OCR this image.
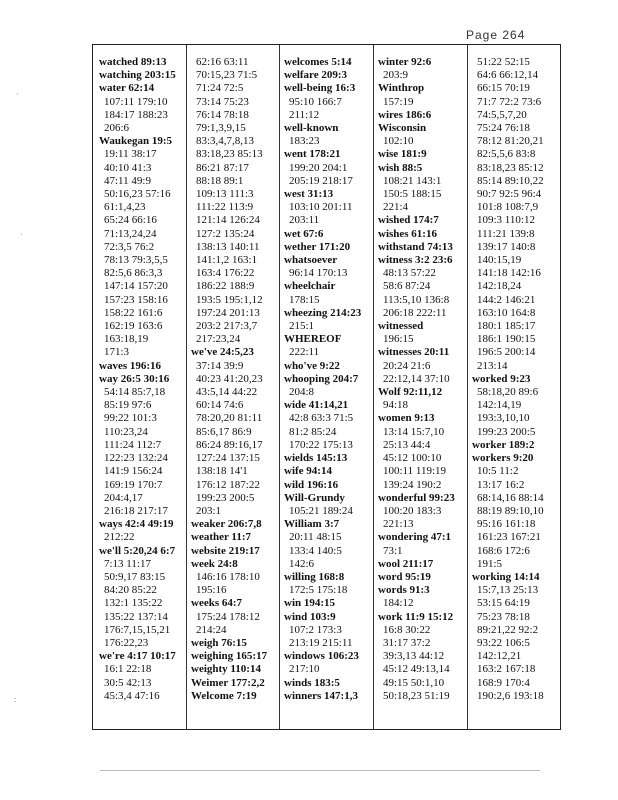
Page 264
watched 89:13
watching 203:15
water 62:14
107:11 179:10
184:17 188:23
206:6
Waukegan 19:5
19:11 38:17
40:10 41:3
47:11 49:9
50:16,23 57:16
61:1,4,23
65:24 66:16
71:13,24,24
72:3,5 76:2
78:13 79:3,5,5
82:5,6 86:3,3
147:14 157:20
157:23 158:16
158:22 161:6
162:19 163:6
163:18,19
171:3
waves 196:16
way 26:5 30:16
54:14 85:7,18
85:19 97:6
99:22 101:3
110:23,24
111:24 112:7
122:23 132:24
141:9 156:24
169:19 170:7
204:4,17
216:18 217:17
ways 42:4 49:19
212:22
we'll 5:20,24 6:7
7:13 11:17
50:9,17 83:15
84:20 85:22
132:1 135:22
135:22 137:14
176:7,15,15,21
176:22,23
we're 4:17 10:17
16:1 22:18
30:5 42:13
45:3,4 47:16
62:16 63:11
70:15,23 71:5
71:24 72:5
73:14 75:23
76:14 78:18
79:1,3,9,15
83:3,4,7,8,13
83:18,23 85:13
86:21 87:17
88:18 89:1
109:13 111:3
111:22 113:9
121:14 126:24
127:2 135:24
138:13 140:11
141:1,2 163:1
163:4 176:22
186:22 188:9
193:5 195:1,12
197:24 201:13
203:2 217:3,7
217:23,24
we've 24:5,23
37:14 39:9
40:23 41:20,23
43:5,14 44:22
60:14 74:6
78:20,20 81:11
85:6,17 86:9
86:24 89:16,17
127:24 137:15
138:18 14'1
176:12 187:22
199:23 200:5
203:1
weaker 206:7,8
weather 11:7
website 219:17
week 24:8
146:16 178:10
195:16
weeks 64:7
175:24 178:12
214:24
weigh 76:15
weighing 165:17
weighty 110:14
Weimer 177:2,2
Welcome 7:19
welcomes 5:14
welfare 209:3
well-being 16:3
95:10 166:7
211:12
well-known
183:23
went 178:21
199:20 204:1
205:19 218:17
west 31:13
103:10 201:11
203:11
wet 67:6
wether 171:20
whatsoever
96:14 170:13
wheelchair
178:15
wheezing 214:23
215:1
WHEREOF
222:11
who've 9:22
whooping 204:7
204:8
wide 41:14,21
42:8 63:3 71:5
81:2 85:24
170:22 175:13
wields 145:13
wife 94:14
wild 196:16
Will-Grundy
105:21 189:24
William 3:7
20:11 48:15
133:4 140:5
142:6
willing 168:8
172:5 175:18
win 194:15
wind 103:9
107:2 173:3
213:19 215:11
windows 106:23
217:10
winds 183:5
winners 147:1,3
winter 92:6
203:9
Winthrop
157:19
wires 186:6
Wisconsin
102:10
wise 181:9
wish 88:5
108:21 143:1
150:5 188:15
221:4
wished 174:7
wishes 61:16
withstand 74:13
witness 3:2 23:6
48:13 57:22
58:6 87:24
113:5,10 136:8
206:18 222:11
witnessed
196:15
witnesses 20:11
20:24 21:6
22:12,14 37:10
Wolf 92:11,12
94:18
women 9:13
13:14 15:7,10
25:13 44:4
45:12 100:10
100:11 119:19
139:24 190:2
wonderful 99:23
100:20 183:3
221:13
wondering 47:1
73:1
wool 211:17
word 95:19
words 91:3
184:12
work 11:9 15:12
16:8 30:22
31:17 37:2
39:3,13 44:12
45:12 49:13,14
49:15 50:1,10
50:18,23 51:19
51:22 52:15
64:6 66:12,14
66:15 70:19
71:7 72:2 73:6
74:5,5,7,20
75:24 76:18
78:12 81:20,21
82:5,5,6 83:8
83:18,23 85:12
85:14 89:10,22
90:7 92:5 96:4
101:8 108:7,9
109:3 110:12
111:21 139:8
139:17 140:8
140:15,19
141:18 142:16
142:18,24
144:2 146:21
163:10 164:8
180:1 185:17
186:1 190:15
196:5 200:14
213:14
worked 9:23
58:18,20 89:6
142:14,19
193:3,10,10
199:23 200:5
worker 189:2
workers 9:20
10:5 11:2
13:17 16:2
68:14,16 88:14
88:19 89:10,10
95:16 161:18
161:23 167:21
168:6 172:6
191:5
working 14:14
15:7,13 25:13
53:15 64:19
75:23 78:18
89:21,22 92:2
93:22 106:5
142:12,21
163:2 167:18
168:9 170:4
190:2,6 193:18
·
·
:
